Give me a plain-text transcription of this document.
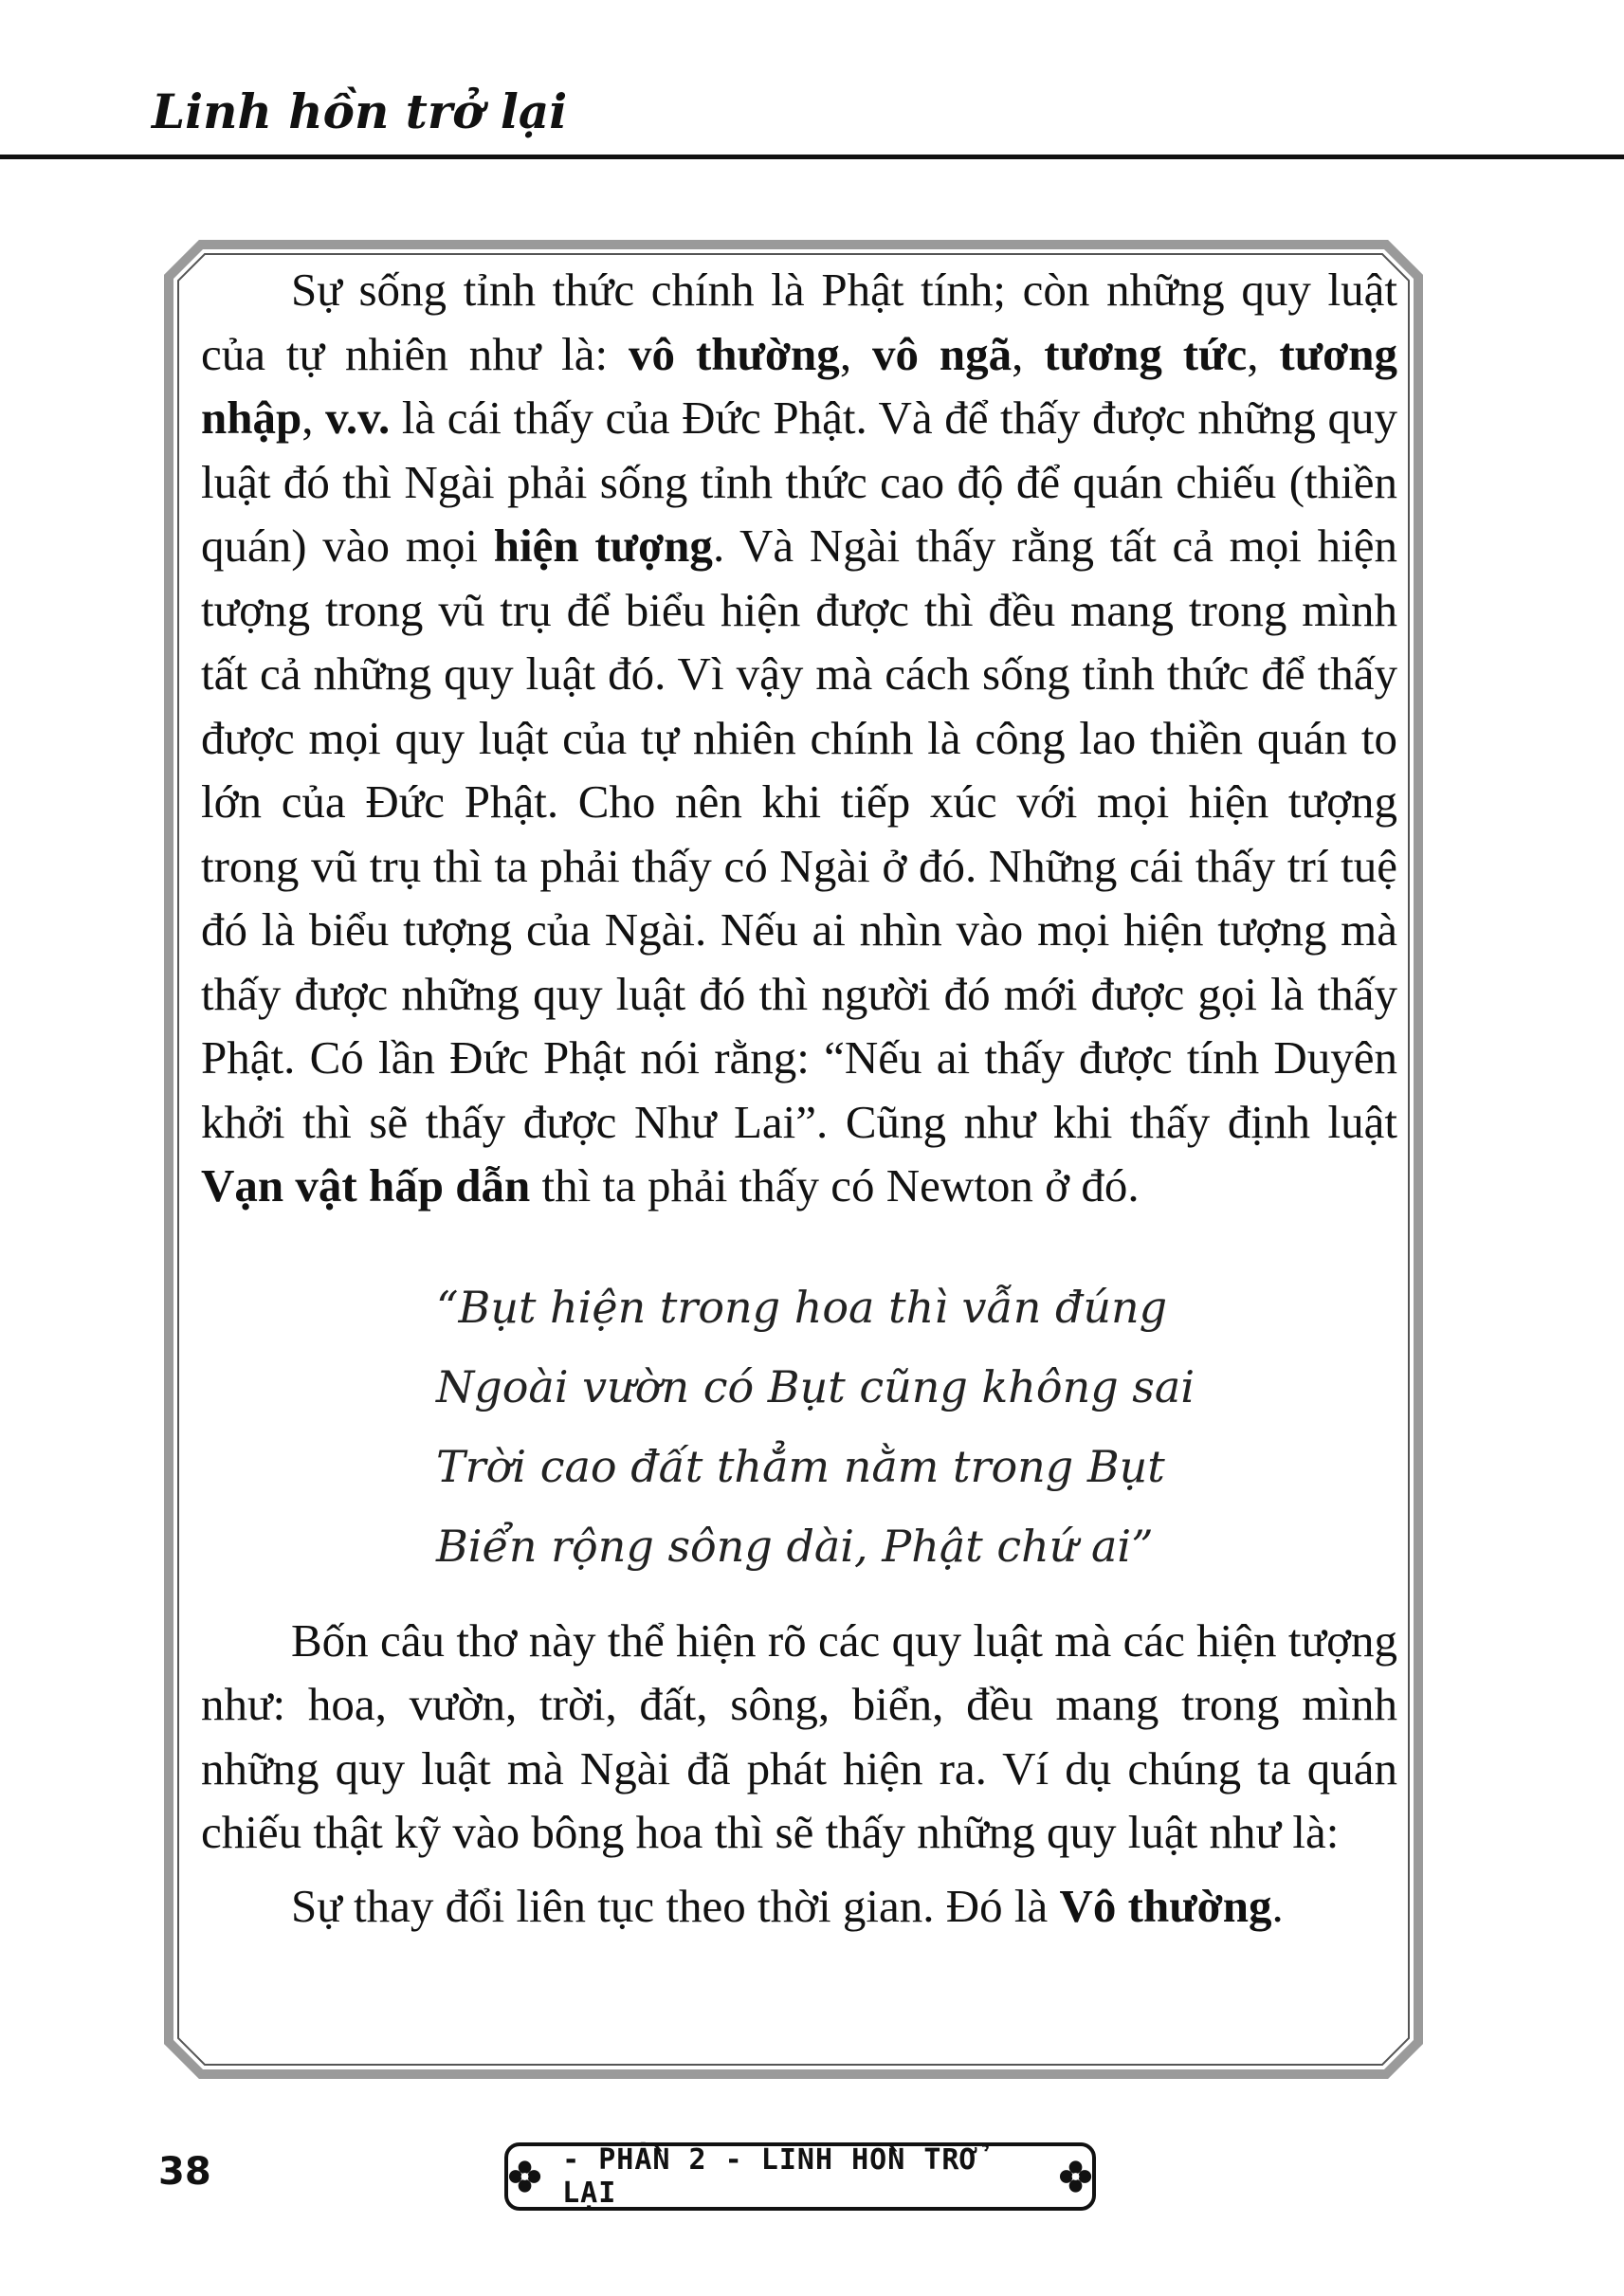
Linh hồn trở lại

Sự sống tỉnh thức chính là Phật tính; còn những quy luật của tự nhiên như là: vô thường, vô ngã, tương tức, tương nhập, v.v. là cái thấy của Đức Phật. Và để thấy được những quy luật đó thì Ngài phải sống tỉnh thức cao độ để quán chiếu (thiền quán) vào mọi hiện tượng. Và Ngài thấy rằng tất cả mọi hiện tượng trong vũ trụ để biểu hiện được thì đều mang trong mình tất cả những quy luật đó. Vì vậy mà cách sống tỉnh thức để thấy được mọi quy luật của tự nhiên chính là công lao thiền quán to lớn của Đức Phật. Cho nên khi tiếp xúc với mọi hiện tượng trong vũ trụ thì ta phải thấy có Ngài ở đó. Những cái thấy trí tuệ đó là biểu tượng của Ngài. Nếu ai nhìn vào mọi hiện tượng mà thấy được những quy luật đó thì người đó mới được gọi là thấy Phật. Có lần Đức Phật nói rằng: “Nếu ai thấy được tính Duyên khởi thì sẽ thấy được Như Lai”. Cũng như khi thấy định luật Vạn vật hấp dẫn thì ta phải thấy có Newton ở đó.

“Bụt hiện trong hoa thì vẫn đúng
Ngoài vườn có Bụt cũng không sai
Trời cao đất thẳm nằm trong Bụt
Biển rộng sông dài, Phật chứ ai”

Bốn câu thơ này thể hiện rõ các quy luật mà các hiện tượng như: hoa, vườn, trời, đất, sông, biển, đều mang trong mình những quy luật mà Ngài đã phát hiện ra. Ví dụ chúng ta quán chiếu thật kỹ vào bông hoa thì sẽ thấy những quy luật như là:

Sự thay đổi liên tục theo thời gian. Đó là Vô thường.

38	- PHẦN 2 - LINH HỒN TRỞ LẠI
